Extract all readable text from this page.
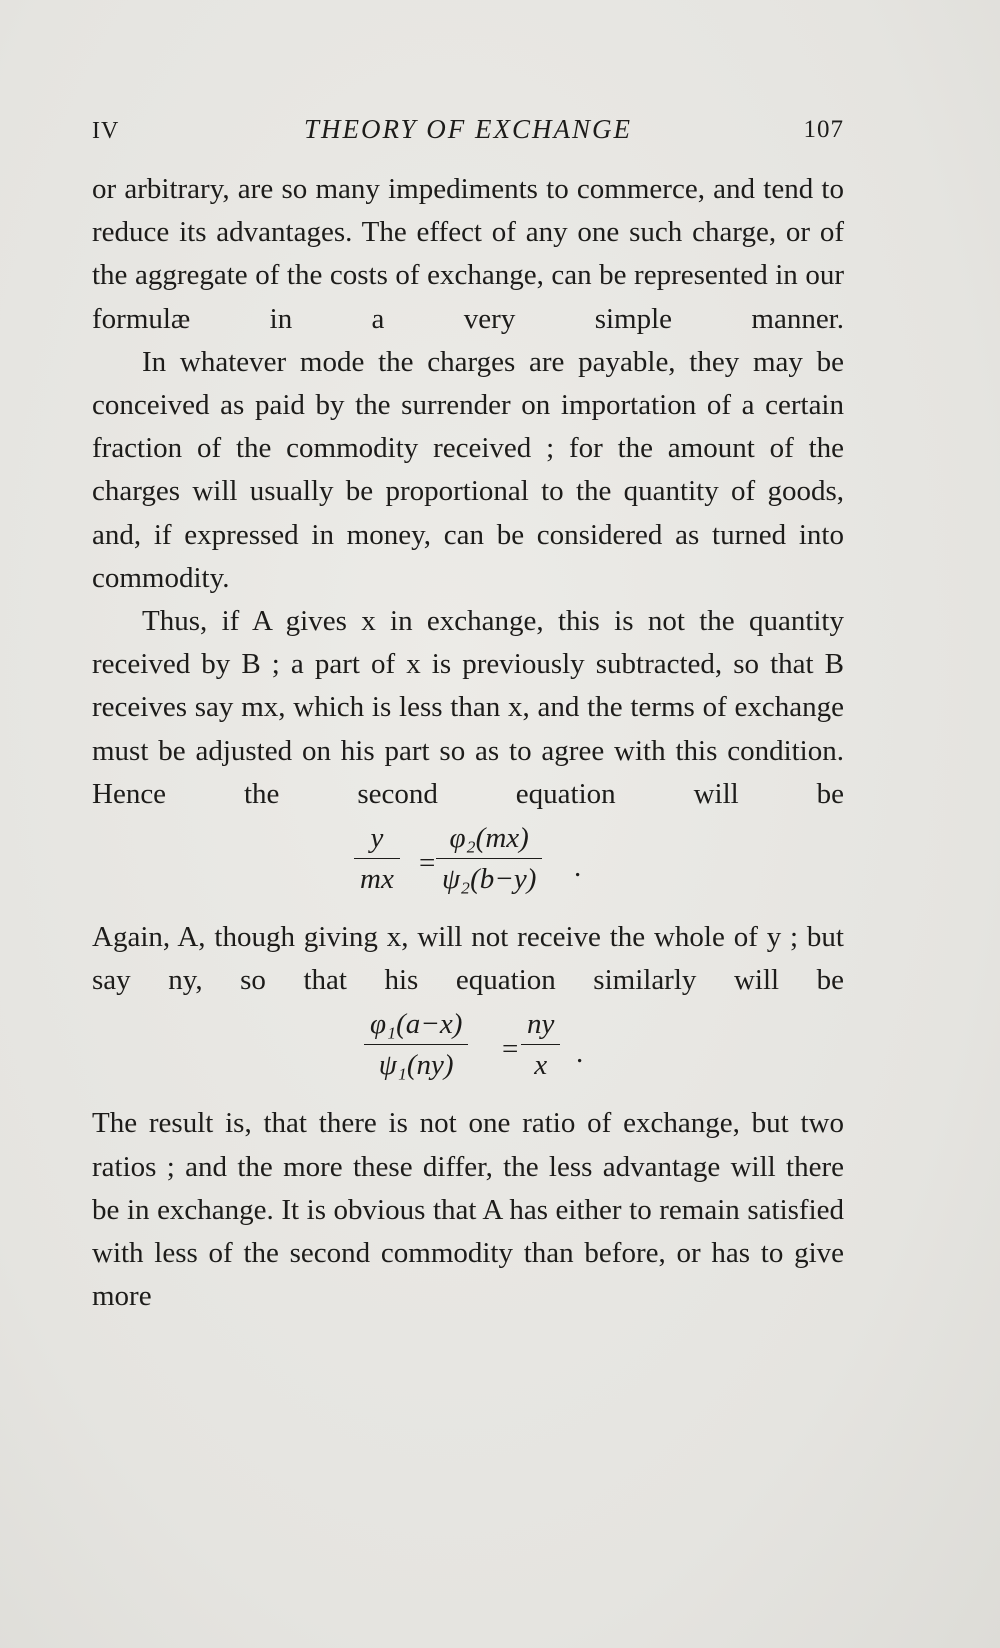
IV	THEORY OF EXCHANGE	107

or arbitrary, are so many impediments to commerce, and tend to reduce its advantages. The effect of any one such charge, or of the aggregate of the costs of exchange, can be represented in our formulæ in a very simple manner.

In whatever mode the charges are payable, they may be conceived as paid by the surrender on importation of a certain fraction of the commodity received ; for the amount of the charges will usually be proportional to the quantity of goods, and, if expressed in money, can be considered as turned into commodity.

Thus, if A gives x in exchange, this is not the quantity received by B ; a part of x is previously subtracted, so that B receives say mx, which is less than x, and the terms of exchange must be adjusted on his part so as to agree with this condition. Hence the second equation will be

$\frac{y}{mx} = \frac{\text{φ₂(mx)}}{\text{ψ₂(b−y)}}$ .

Again, A, though giving x, will not receive the whole of y ; but say ny, so that his equation similarly will be

$\frac{\text{φ₁(a−x)}}{\text{ψ₁(ny)}} = \frac{ny}{x}$ .

The result is, that there is not one ratio of exchange, but two ratios ; and the more these differ, the less advantage will there be in exchange. It is obvious that A has either to remain satisfied with less of the second commodity than before, or has to give more
